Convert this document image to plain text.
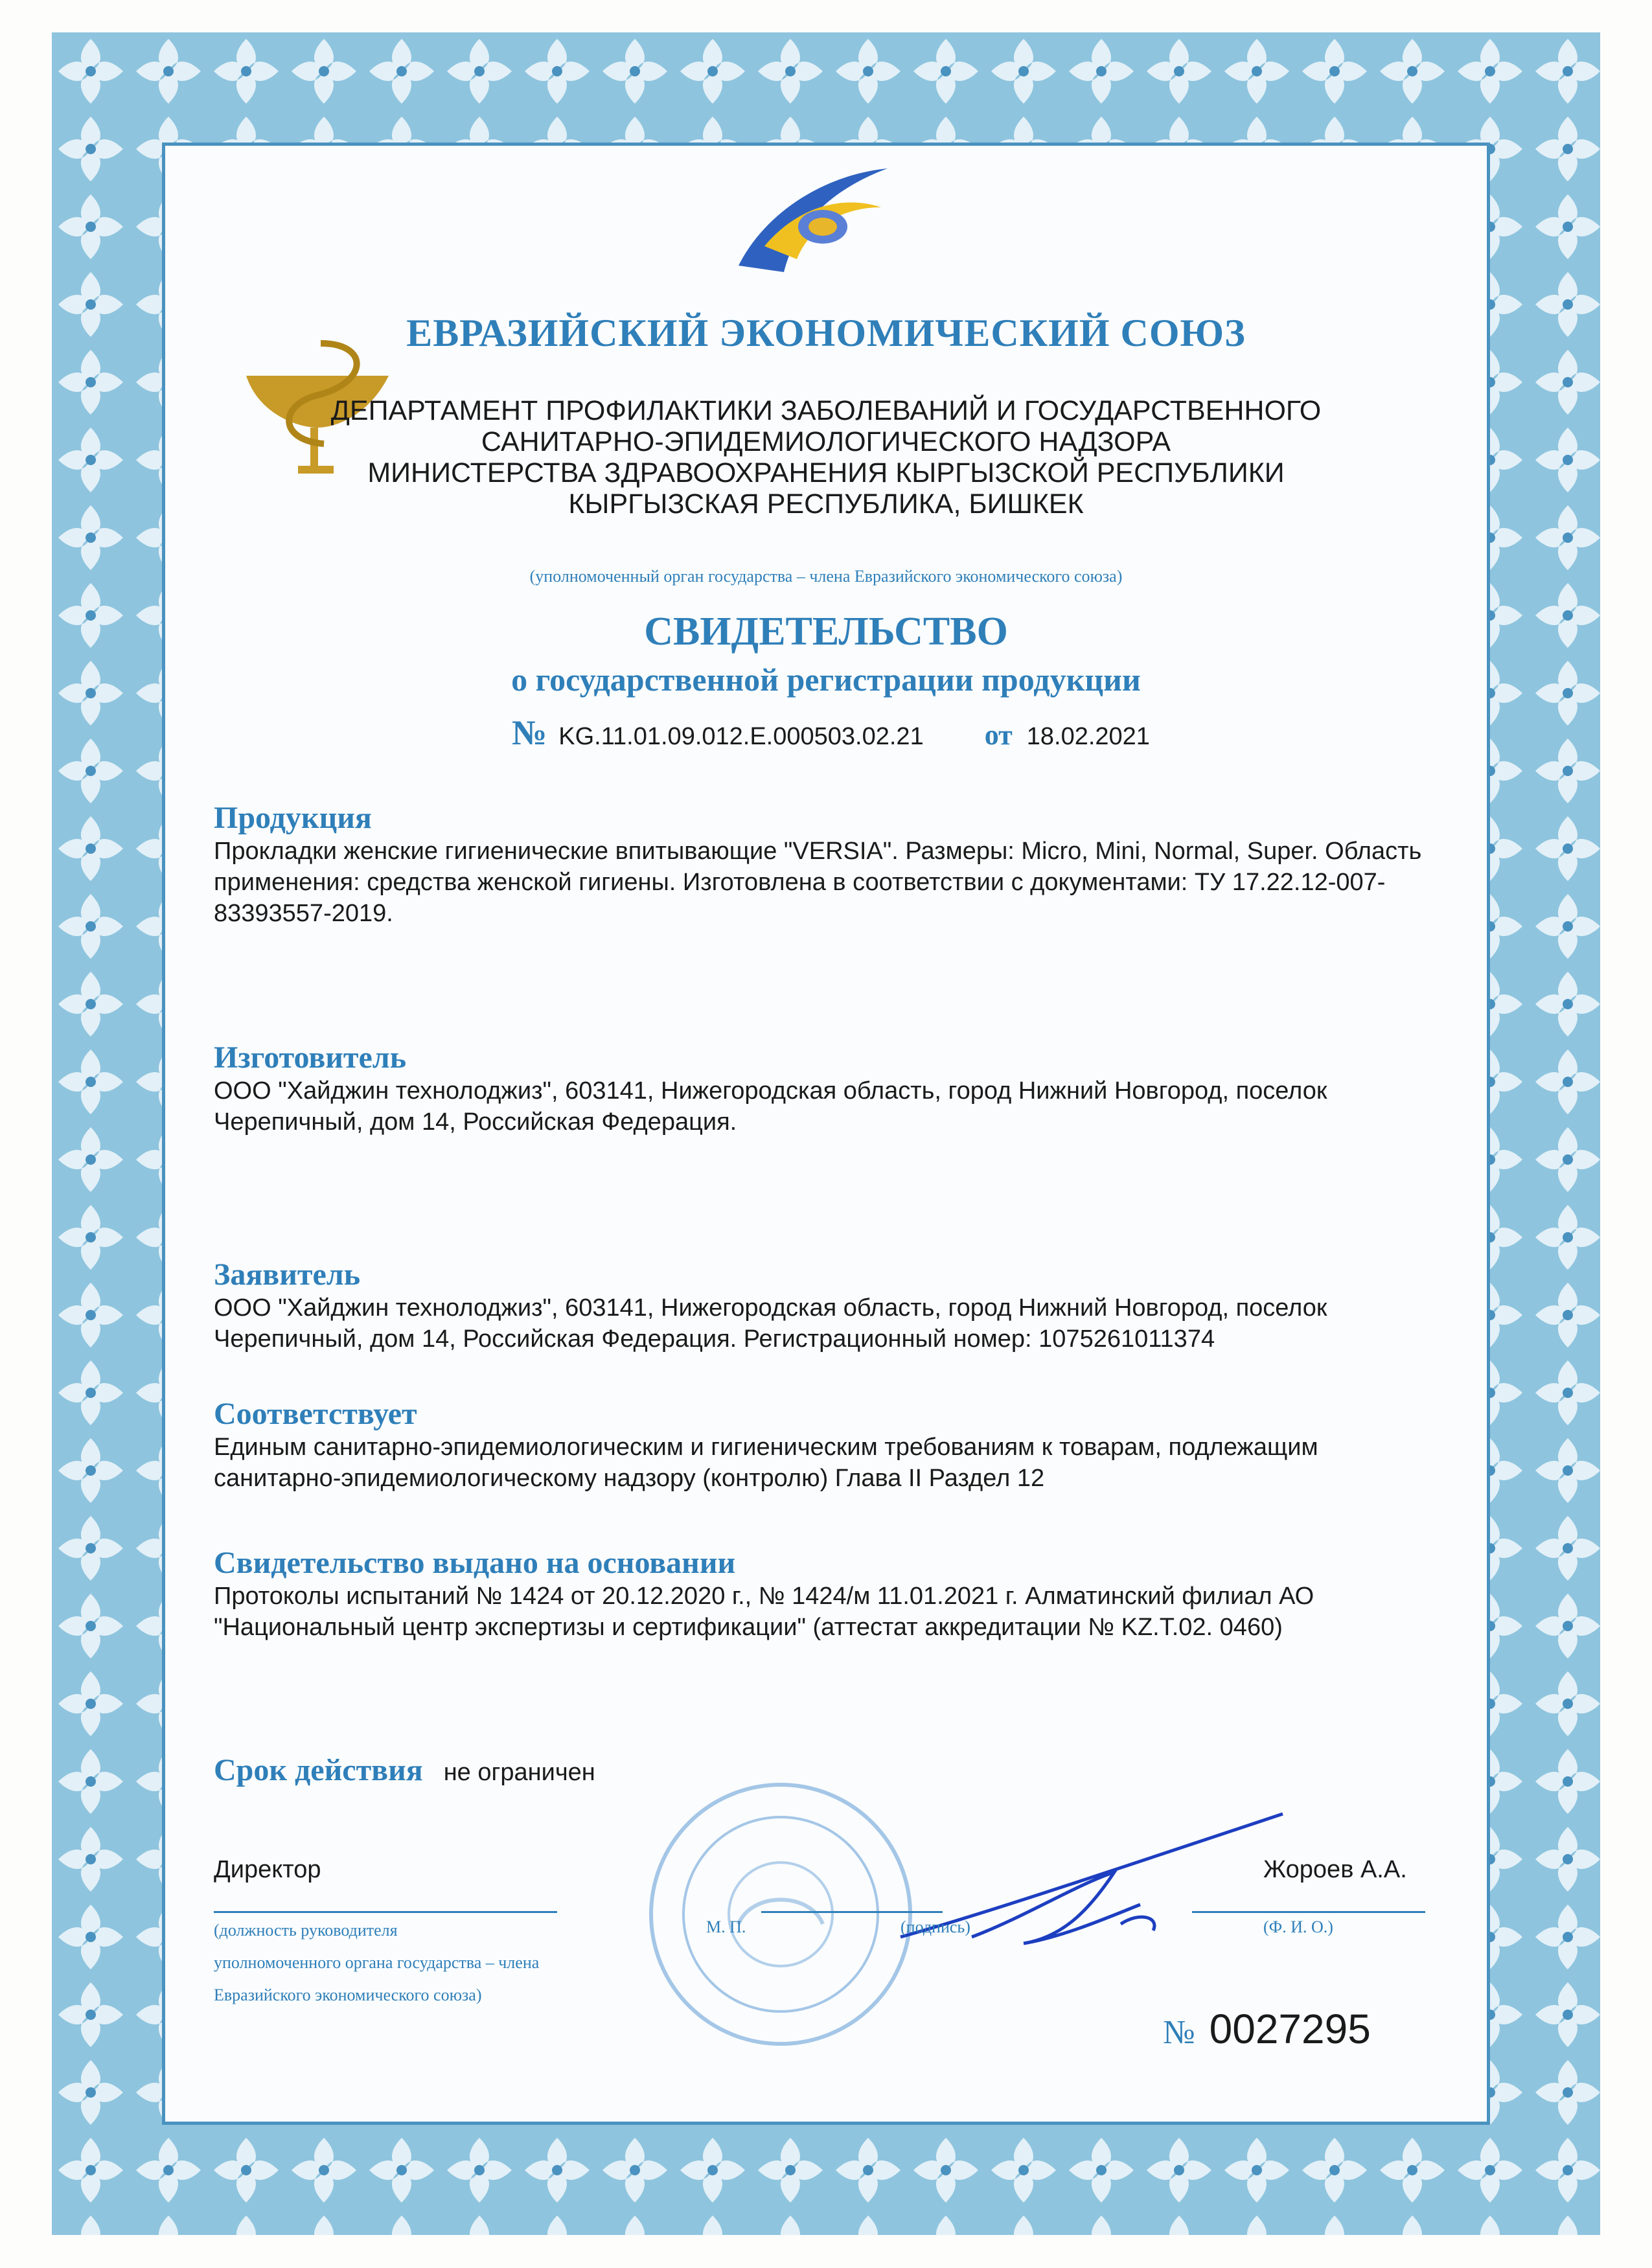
ЕВРАЗИЙСКИЙ ЭКОНОМИЧЕСКИЙ СОЮЗ
ДЕПАРТАМЕНТ ПРОФИЛАКТИКИ ЗАБОЛЕВАНИЙ И ГОСУДАРСТВЕННОГО
САНИТАРНО-ЭПИДЕМИОЛОГИЧЕСКОГО НАДЗОРА
МИНИСТЕРСТВА ЗДРАВООХРАНЕНИЯ КЫРГЫЗСКОЙ РЕСПУБЛИКИ
КЫРГЫЗСКАЯ РЕСПУБЛИКА, БИШКЕК
(уполномоченный орган государства – члена Евразийского экономического союза)
СВИДЕТЕЛЬСТВО
о государственной регистрации продукции
№ KG.11.01.09.012.Е.000503.02.21 от 18.02.2021
Продукция
Прокладки женские гигиенические впитывающие "VERSIA". Размеры: Micro, Mini, Normal, Super. Область применения: средства женской гигиены. Изготовлена в соответствии с документами: ТУ 17.22.12-007-83393557-2019.
Изготовитель
ООО "Хайджин технолоджиз", 603141, Нижегородская область, город Нижний Новгород, поселок Черепичный, дом 14, Российская Федерация.
Заявитель
ООО "Хайджин технолоджиз", 603141, Нижегородская область, город Нижний Новгород, поселок Черепичный, дом 14, Российская Федерация. Регистрационный номер: 1075261011374
Соответствует
Единым санитарно-эпидемиологическим и гигиеническим требованиям к товарам, подлежащим санитарно-эпидемиологическому надзору (контролю) Глава II Раздел 12
Свидетельство выдано на основании
Протоколы испытаний № 1424 от 20.12.2020 г., № 1424/м 11.01.2021 г. Алматинский филиал АО "Национальный центр экспертизы и сертификации" (аттестат аккредитации № KZ.T.02. 0460)
Срок действия не ограничен
Директор	Жороев А.А.
(должность руководителя
уполномоченного органа государства – члена
Евразийского экономического союза)
М. П.	(подпись)	(Ф. И. О.)
№ 0027295
